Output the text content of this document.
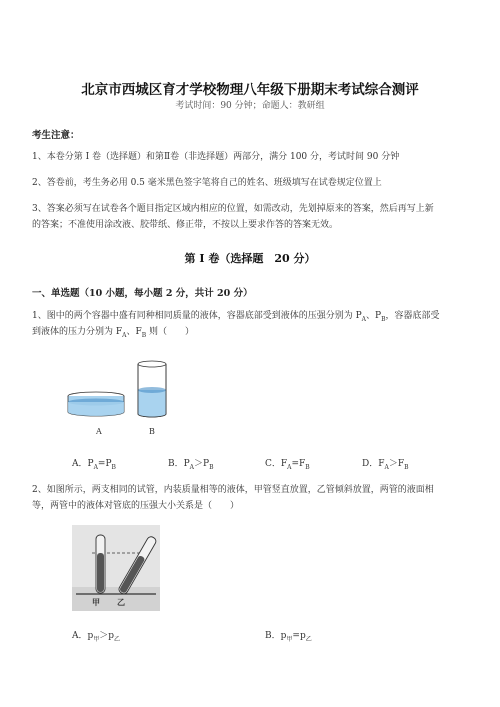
北京市西城区育才学校物理八年级下册期末考试综合测评
考试时间：90 分钟；命题人：教研组
考生注意：
1、本卷分第 I 卷（选择题）和第Ⅱ卷（非选择题）两部分，满分 100 分，考试时间 90 分钟
2、答卷前，考生务必用 0.5 毫米黑色签字笔将自己的姓名、班级填写在试卷规定位置上
3、答案必须写在试卷各个题目指定区域内相应的位置，如需改动，先划掉原来的答案，然后再写上新
的答案；不准使用涂改液、胶带纸、修正带，不按以上要求作答的答案无效。
第 I 卷（选择题　20 分）
一、单选题（10 小题，每小题 2 分，共计 20 分）
1、图中的两个容器中盛有同种相同质量的液体，容器底部受到液体的压强分别为 $P_A$、$P_B$，容器底部受
到液体的压力分别为 $F_A$、$F_B$ 则（　　）
A	B
A．$P_A=P_B$	B．$P_A>P_B$	C．$F_A=F_B$	D．$F_A>F_B$
2、如图所示，两支相同的试管，内装质量相等的液体，甲管竖直放置，乙管倾斜放置，两管的液面相
等，两管中的液体对管底的压强大小关系是（　　）
甲 乙
A．$p_甲>p_乙$	B．$p_甲=p_乙$
